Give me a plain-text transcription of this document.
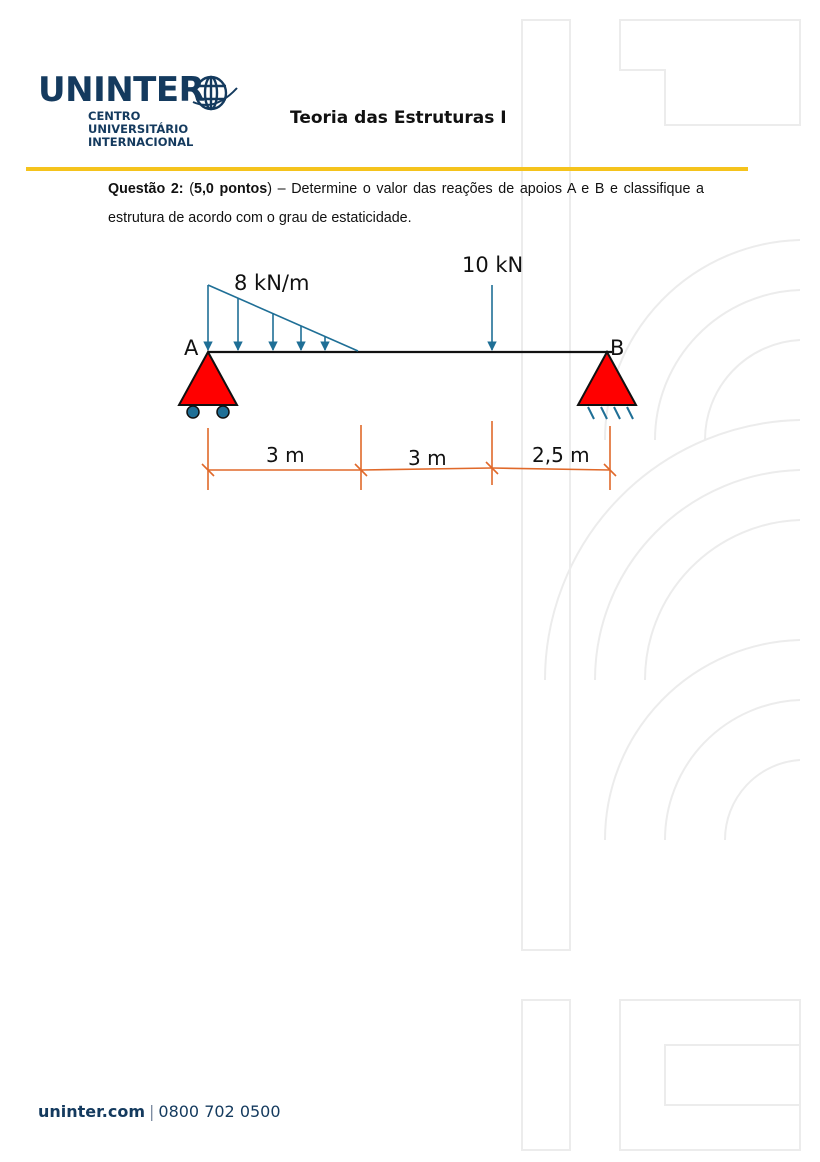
UNINTER
CENTRO
UNIVERSITÁRIO
INTERNACIONAL
Teoria das Estruturas I
Questão 2: (5,0 pontos) – Determine o valor das reações de apoios A e B e classifique a estrutura de acordo com o grau de estaticidade.
8 kN/m
10 kN
A	B
3 m	3 m	2,5 m
uninter.com | 0800 702 0500
